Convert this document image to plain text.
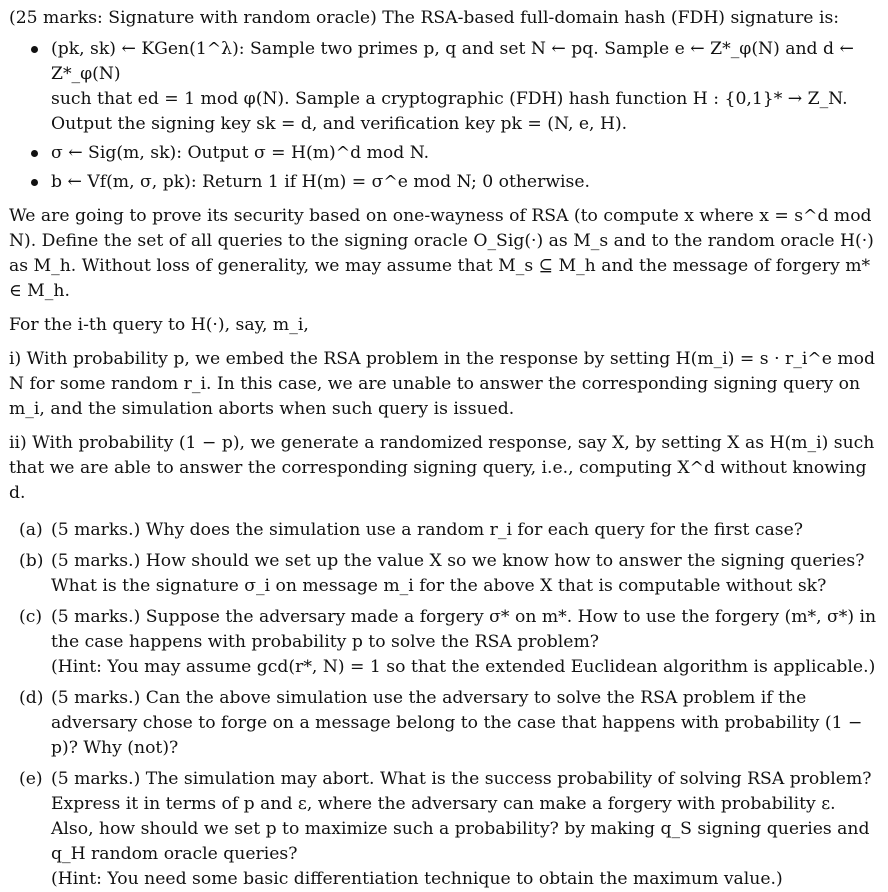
(25 marks: Signature with random oracle) The RSA-based full-domain hash (FDH) signature is:

(pk, sk) ← KGen(1^λ): Sample two primes p, q and set N ← pq. Sample e ← Z*_φ(N) and d ← Z*_φ(N)
such that ed = 1 mod φ(N). Sample a cryptographic (FDH) hash function H : {0,1}* → Z_N.
Output the signing key sk = d, and verification key pk = (N, e, H).
σ ← Sig(m, sk): Output σ = H(m)^d mod N.
b ← Vf(m, σ, pk): Return 1 if H(m) = σ^e mod N; 0 otherwise.

We are going to prove its security based on one-wayness of RSA (to compute x where x = s^d mod N). Define the set of all queries to the signing oracle O_Sig(·) as M_s and to the random oracle H(·) as M_h. Without loss of generality, we may assume that M_s ⊆ M_h and the message of forgery m* ∈ M_h.

For the i-th query to H(·), say, m_i,

i) With probability p, we embed the RSA problem in the response by setting H(m_i) = s · r_i^e mod N for some random r_i. In this case, we are unable to answer the corresponding signing query on m_i, and the simulation aborts when such query is issued.

ii) With probability (1 − p), we generate a randomized response, say X, by setting X as H(m_i) such that we are able to answer the corresponding signing query, i.e., computing X^d without knowing d.

(a) (5 marks.) Why does the simulation use a random r_i for each query for the first case?
(b) (5 marks.) How should we set up the value X so we know how to answer the signing queries? What is the signature σ_i on message m_i for the above X that is computable without sk?
(c) (5 marks.) Suppose the adversary made a forgery σ* on m*. How to use the forgery (m*, σ*) in the case happens with probability p to solve the RSA problem?
(Hint: You may assume gcd(r*, N) = 1 so that the extended Euclidean algorithm is applicable.)
(d) (5 marks.) Can the above simulation use the adversary to solve the RSA problem if the adversary chose to forge on a message belong to the case that happens with probability (1 − p)? Why (not)?
(e) (5 marks.) The simulation may abort. What is the success probability of solving RSA problem? Express it in terms of p and ε, where the adversary can make a forgery with probability ε.
Also, how should we set p to maximize such a probability? by making q_S signing queries and q_H random oracle queries?
(Hint: You need some basic differentiation technique to obtain the maximum value.)
